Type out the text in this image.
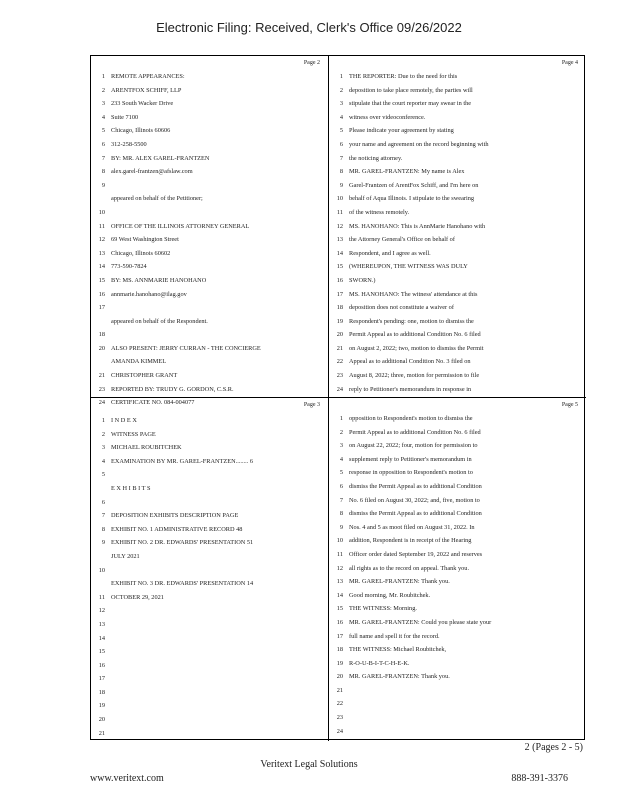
Electronic Filing: Received, Clerk's Office 09/26/2022
Page 2
1 REMOTE APPEARANCES:
2 ARENTFOX SCHIFF, LLP
3 233 South Wacker Drive
4 Suite 7100
5 Chicago, Illinois 60606
6 312-258-5500
7 BY: MR. ALEX GAREL-FRANTZEN
8 alex.garel-frantzen@afslaw.com
9
appeared on behalf of the Petitioner;
10
11 OFFICE OF THE ILLINOIS ATTORNEY GENERAL
12 69 West Washington Street
13 Chicago, Illinois 60602
14 773-590-7824
15 BY: MS. ANNMARIE HANOHANO
16 annmarie.hanohano@ilag.gov
17
appeared on behalf of the Respondent.
18
20 ALSO PRESENT: JERRY CURRAN - THE CONCIERGE
AMANDA KIMMEL
21 CHRISTOPHER GRANT
23 REPORTED BY: TRUDY G. GORDON, C.S.R.
24 CERTIFICATE NO. 084-004077
Page 4
1 THE REPORTER: Due to the need for this
2 deposition to take place remotely, the parties will
3 stipulate that the court reporter may swear in the
4 witness over videoconference.
5 Please indicate your agreement by stating
6 your name and agreement on the record beginning with
7 the noticing attorney.
8 MR. GAREL-FRANTZEN: My name is Alex
9 Garel-Frantzen of ArentFox Schiff, and I'm here on
10 behalf of Aqua Illinois. I stipulate to the swearing
11 of the witness remotely.
12 MS. HANOHANO: This is AnnMarie Hanohano with
13 the Attorney General's Office on behalf of
14 Respondent, and I agree as well.
15 (WHEREUPON, THE WITNESS WAS DULY
16 SWORN.)
17 MS. HANOHANO: The witness' attendance at this
18 deposition does not constitute a waiver of
19 Respondent's pending: one, motion to dismiss the
20 Permit Appeal as to additional Condition No. 6 filed
21 on August 2, 2022; two, motion to dismiss the Permit
22 Appeal as to additional Condition No. 3 filed on
23 August 8, 2022; three, motion for permission to file
24 reply to Petitioner's memorandum in response in
Page 3
1 I N D E X
2 WITNESS PAGE
3 MICHAEL ROUBITCHEK
4 EXAMINATION BY MR. GAREL-FRANTZEN........ 6
5
E X H I B I T S
6
7 DEPOSITION EXHIBITS DESCRIPTION PAGE
8 EXHIBIT NO. 1 ADMINISTRATIVE RECORD 48
9 EXHIBIT NO. 2 DR. EDWARDS' PRESENTATION 51
JULY 2021
10
EXHIBIT NO. 3 DR. EDWARDS' PRESENTATION 14
11 OCTOBER 29, 2021
12
13
14
15
16
17
18
19
20
21
Page 5
1 opposition to Respondent's motion to dismiss the
2 Permit Appeal as to additional Condition No. 6 filed
3 on August 22, 2022; four, motion for permission to
4 supplement reply to Petitioner's memorandum in
5 response in opposition to Respondent's motion to
6 dismiss the Permit Appeal as to additional Condition
7 No. 6 filed on August 30, 2022; and, five, motion to
8 dismiss the Permit Appeal as to additional Condition
9 Nos. 4 and 5 as moot filed on August 31, 2022. In
10 addition, Respondent is in receipt of the Hearing
11 Officer order dated September 19, 2022 and reserves
12 all rights as to the record on appeal. Thank you.
13 MR. GAREL-FRANTZEN: Thank you.
14 Good morning, Mr. Roubitchek.
15 THE WITNESS: Morning.
16 MR. GAREL-FRANTZEN: Could you please state your
17 full name and spell it for the record.
18 THE WITNESS: Michael Roubitchek,
19 R-O-U-B-I-T-C-H-E-K.
20 MR. GAREL-FRANTZEN: Thank you.
21
22
23
24
2 (Pages 2 - 5)
Veritext Legal Solutions
www.veritext.com	888-391-3376
